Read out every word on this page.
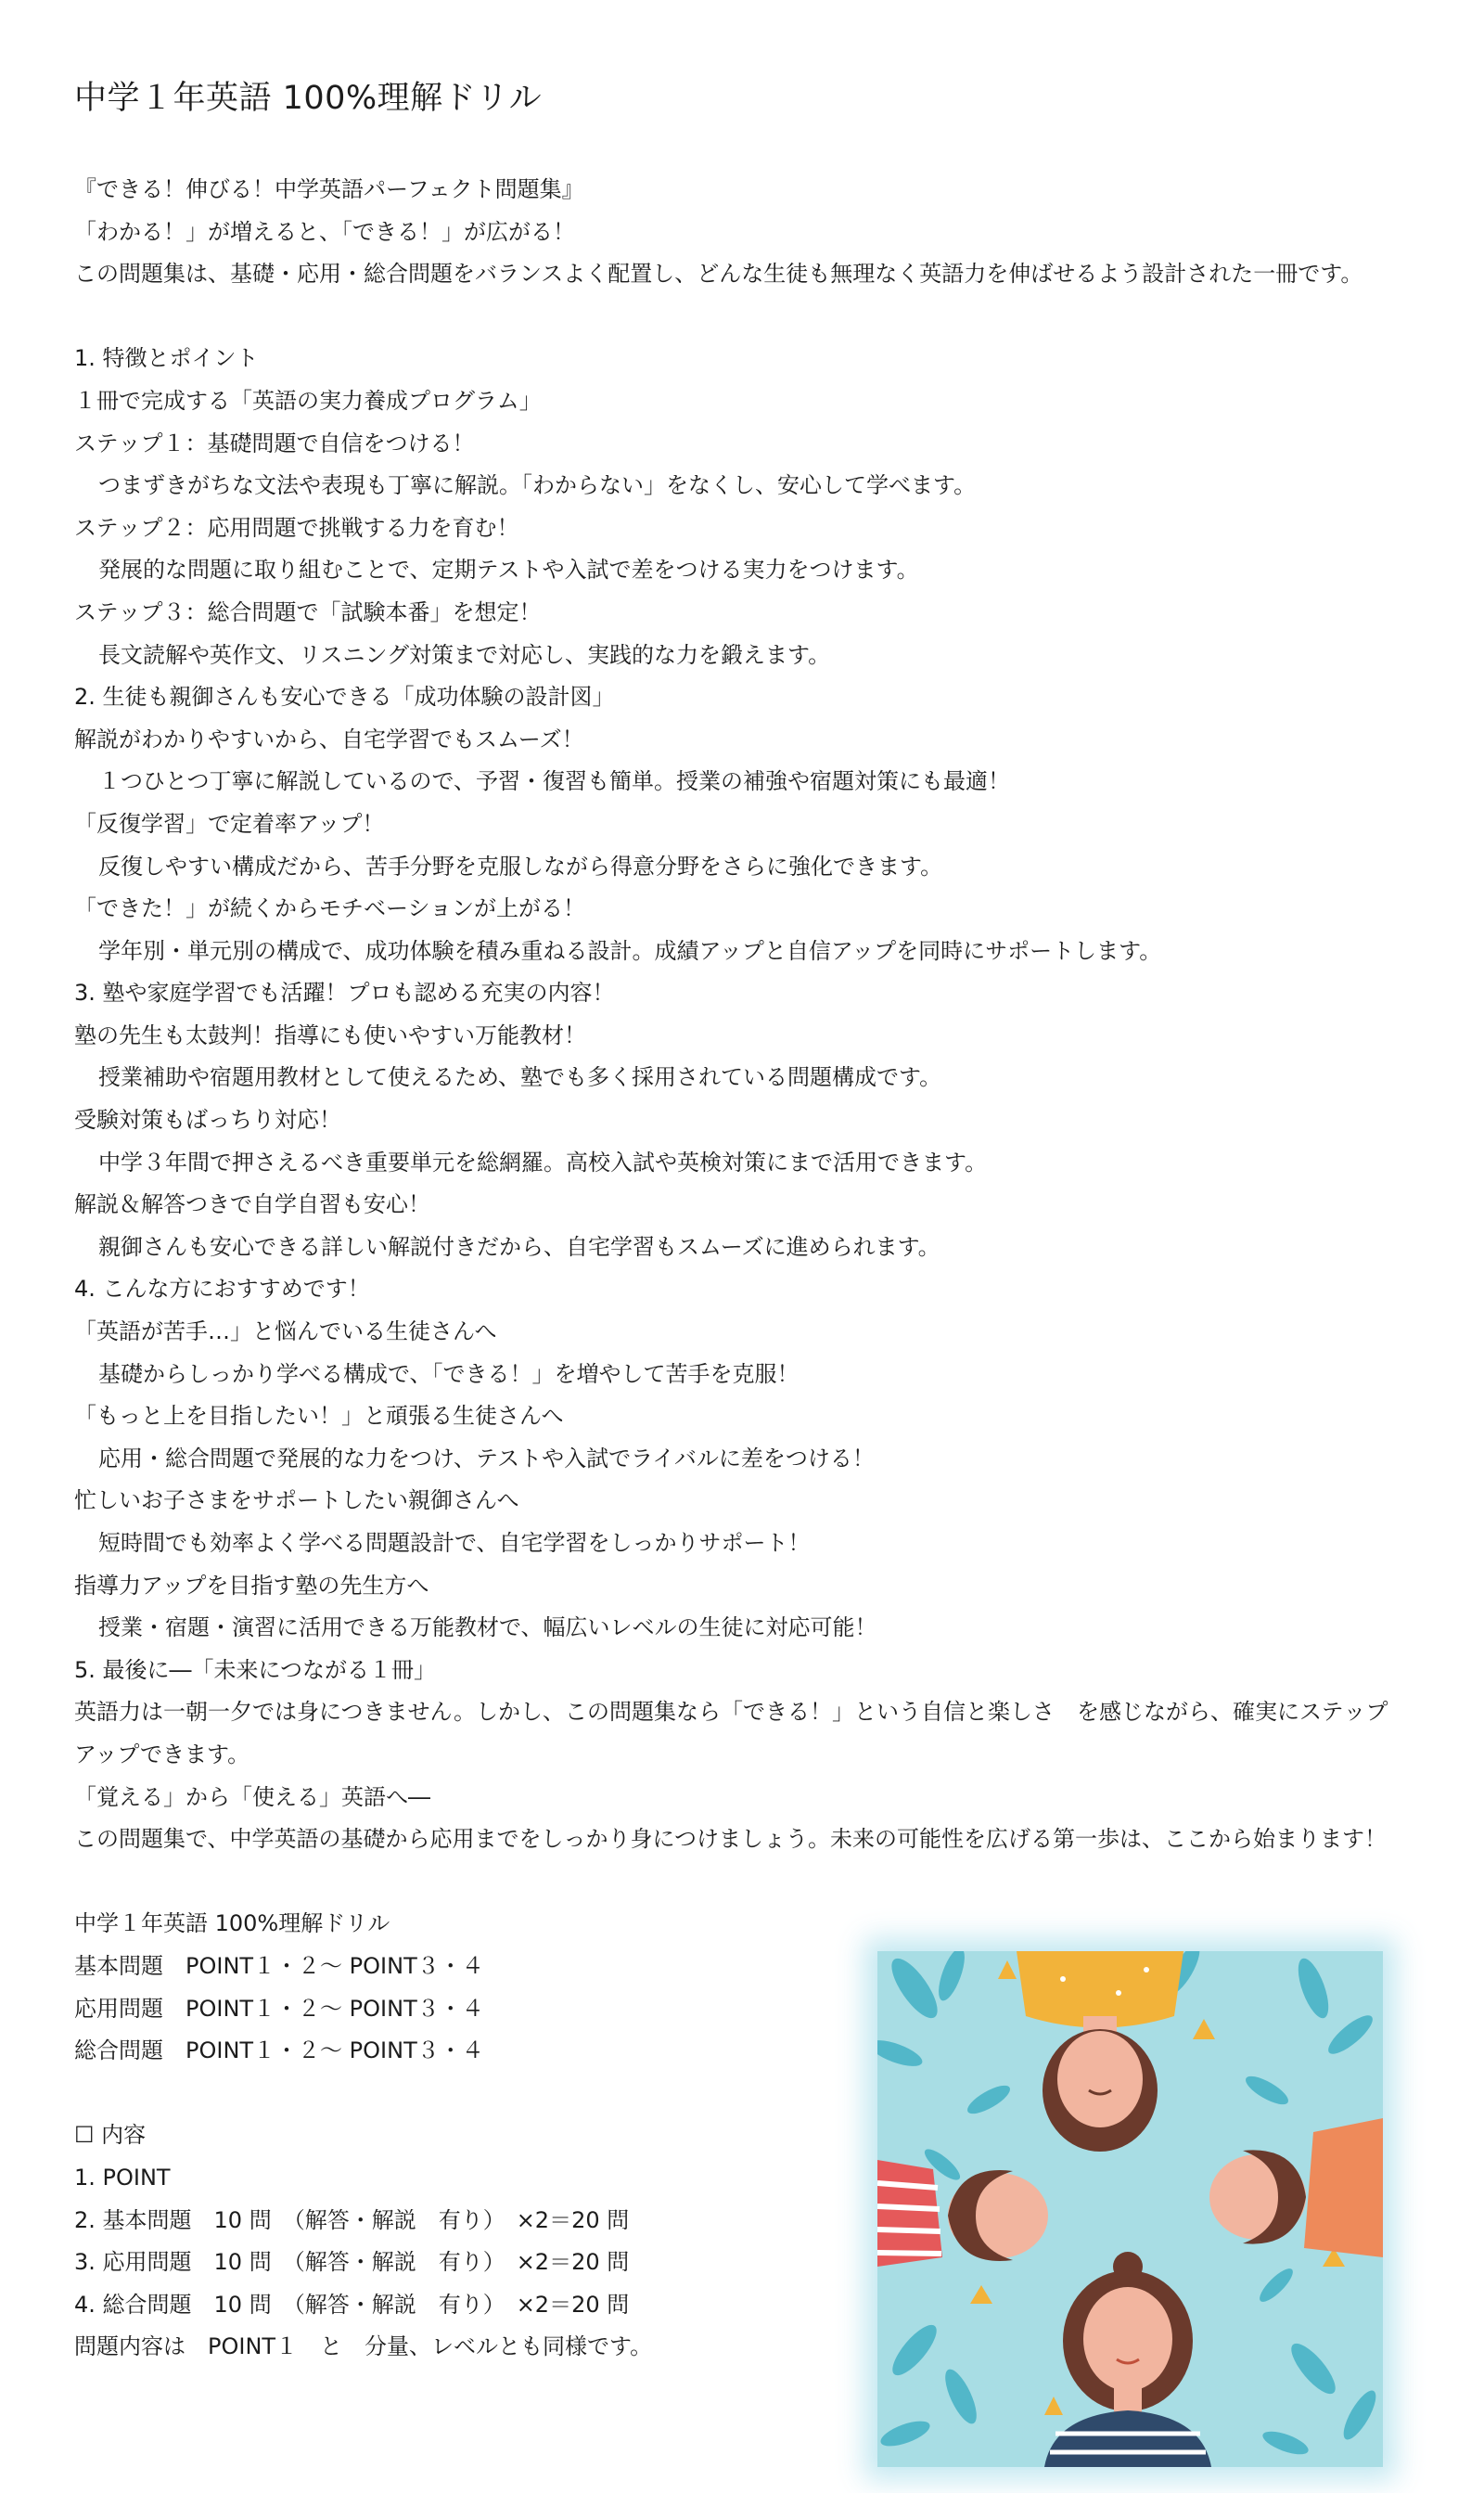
中学１年英語 100%理解ドリル
『できる！伸びる！中学英語パーフェクト問題集』
「わかる！」が増えると、「できる！」が広がる！
この問題集は、基礎・応用・総合問題をバランスよく配置し、どんな生徒も無理なく英語力を伸ばせるよう設計された一冊です。
1. 特徴とポイント
１冊で完成する「英語の実力養成プログラム」
ステップ１：基礎問題で自信をつける！
つまずきがちな文法や表現も丁寧に解説。「わからない」をなくし、安心して学べます。
ステップ２：応用問題で挑戦する力を育む！
発展的な問題に取り組むことで、定期テストや入試で差をつける実力をつけます。
ステップ３：総合問題で「試験本番」を想定！
長文読解や英作文、リスニング対策まで対応し、実践的な力を鍛えます。
2. 生徒も親御さんも安心できる「成功体験の設計図」
解説がわかりやすいから、自宅学習でもスムーズ！
１つひとつ丁寧に解説しているので、予習・復習も簡単。授業の補強や宿題対策にも最適！
「反復学習」で定着率アップ！
反復しやすい構成だから、苦手分野を克服しながら得意分野をさらに強化できます。
「できた！」が続くからモチベーションが上がる！
学年別・単元別の構成で、成功体験を積み重ねる設計。成績アップと自信アップを同時にサポートします。
3. 塾や家庭学習でも活躍！プロも認める充実の内容！
塾の先生も太鼓判！指導にも使いやすい万能教材！
授業補助や宿題用教材として使えるため、塾でも多く採用されている問題構成です。
受験対策もばっちり対応！
中学３年間で押さえるべき重要単元を総網羅。高校入試や英検対策にまで活用できます。
解説＆解答つきで自学自習も安心！
親御さんも安心できる詳しい解説付きだから、自宅学習もスムーズに進められます。
4. こんな方におすすめです！
「英語が苦手…」と悩んでいる生徒さんへ
基礎からしっかり学べる構成で、「できる！」を増やして苦手を克服！
「もっと上を目指したい！」と頑張る生徒さんへ
応用・総合問題で発展的な力をつけ、テストや入試でライバルに差をつける！
忙しいお子さまをサポートしたい親御さんへ
短時間でも効率よく学べる問題設計で、自宅学習をしっかりサポート！
指導力アップを目指す塾の先生方へ
授業・宿題・演習に活用できる万能教材で、幅広いレベルの生徒に対応可能！
5. 最後に―「未来につながる１冊」
英語力は一朝一夕では身につきません。しかし、この問題集なら「できる！」という自信と楽しさ　を感じながら、確実にステップアップできます。
「覚える」から「使える」英語へ―
この問題集で、中学英語の基礎から応用までをしっかり身につけましょう。未来の可能性を広げる第一歩は、ここから始まります！
中学１年英語 100%理解ドリル
基本問題　POINT１・２～ POINT３・４
応用問題　POINT１・２～ POINT３・４
総合問題　POINT１・２～ POINT３・４
☐ 内容
1. POINT
2. 基本問題　10 問　（解答・解説　有り）　×2＝20 問
3. 応用問題　10 問　（解答・解説　有り）　×2＝20 問
4. 総合問題　10 問　（解答・解説　有り）　×2＝20 問
問題内容は　POINT１　と　分量、レベルとも同様です。
